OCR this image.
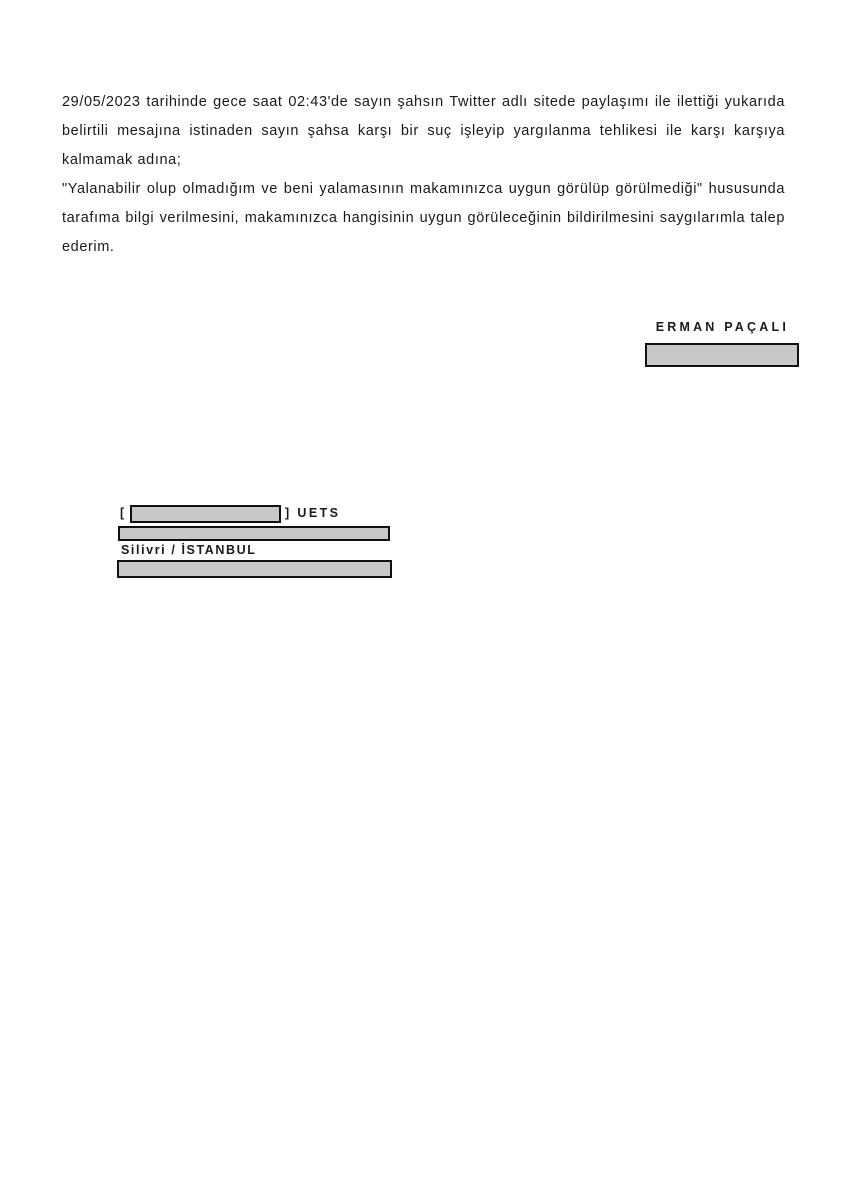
29/05/2023 tarihinde gece saat 02:43'de sayın şahsın Twitter adlı sitede paylaşımı ile ilettiği yukarıda belirtili mesajına istinaden sayın şahsa karşı bir suç işleyip yargılanma tehlikesi ile karşı karşıya kalmamak adına;

"Yalanabilir olup olmadığım ve beni yalamasının makamınızca uygun görülüp görülmediği" hususunda tarafıma bilgi verilmesini, makamınızca hangisinin uygun görüleceğinin bildirilmesini saygılarımla talep ederim.

ERMAN PAÇALI
[	] UETS
Silivri / İSTANBUL
